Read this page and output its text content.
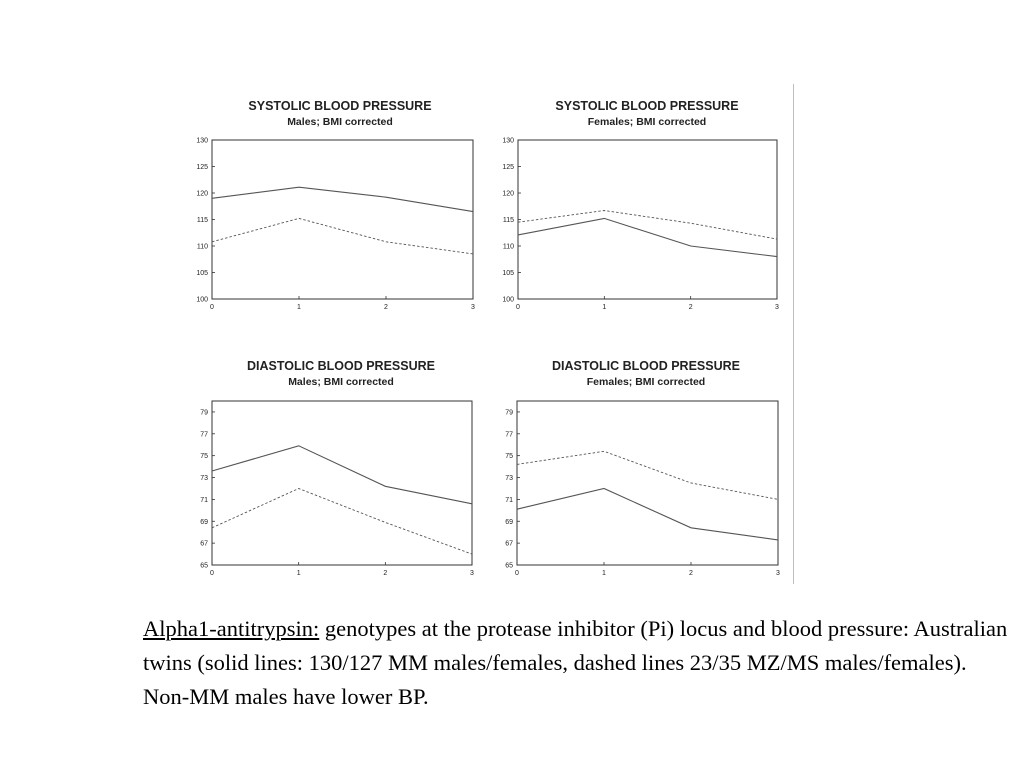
SYSTOLIC BLOOD PRESSURE
Males; BMI corrected
100
105
110
115
120
125
130
0	1	2	3
SYSTOLIC BLOOD PRESSURE
Females; BMI corrected
100
105
110
115
120
125
130
0	1	2	3
DIASTOLIC BLOOD PRESSURE
Males; BMI corrected
65
67
69
71
73
75
77
79
0	1	2	3
DIASTOLIC BLOOD PRESSURE
Females; BMI corrected
65
67
69
71
73
75
77
79
0	1	2	3
Alpha1-antitrypsin: genotypes at the protease inhibitor (Pi) locus and blood pressure: Australian twins (solid lines: 130/127 MM males/females, dashed lines 23/35 MZ/MS males/females). Non-MM males have lower BP.
